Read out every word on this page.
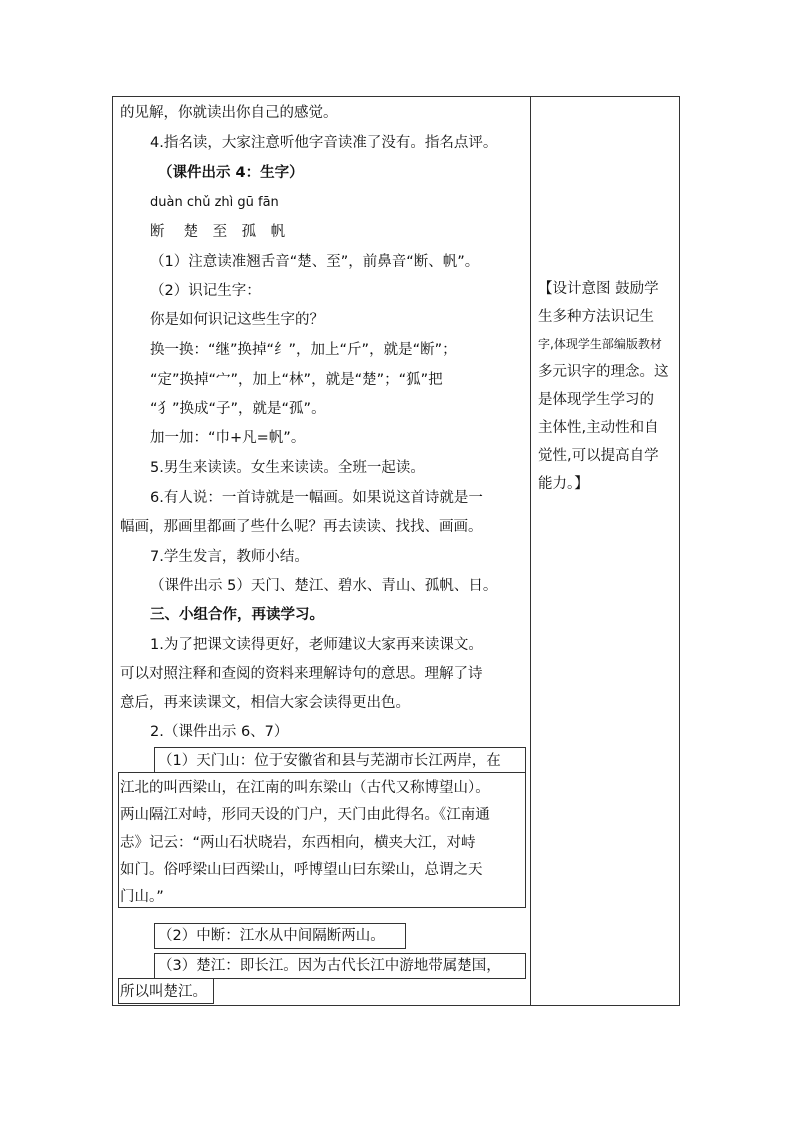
的见解，你就读出你自己的感觉。
4.指名读，大家注意听他字音读准了没有。指名点评。
（课件出示 4：生字）
duàn chǔ zhì gū fān
断　 楚　至　孤　帆
（1）注意读准翘舌音“楚、至”，前鼻音“断、帆”。
（2）识记生字：
你是如何识记这些生字的？
换一换：“继”换掉“纟”，加上“斤”，就是“断”；
“定”换掉“宀”，加上“林”，就是“楚”；“狐”把
“犭”换成“子”，就是“孤”。
加一加：“巾+凡=帆”。
5.男生来读读。女生来读读。全班一起读。
6.有人说：一首诗就是一幅画。如果说这首诗就是一
幅画，那画里都画了些什么呢？再去读读、找找、画画。
7.学生发言，教师小结。
（课件出示 5）天门、楚江、碧水、青山、孤帆、日。
三、小组合作，再读学习。
1.为了把课文读得更好，老师建议大家再来读课文。
可以对照注释和查阅的资料来理解诗句的意思。理解了诗
意后，再来读课文，相信大家会读得更出色。
2.（课件出示 6、7）
（1）天门山：位于安徽省和县与芜湖市长江两岸，在
江北的叫西梁山，在江南的叫东梁山（古代又称博望山）。
两山隔江对峙，形同天设的门户，天门由此得名。《江南通
志》记云：“两山石状晓岩，东西相向，横夹大江，对峙
如门。俗呼梁山曰西梁山，呼博望山曰东梁山，总谓之天
门山。”
（2）中断：江水从中间隔断两山。
（3）楚江：即长江。因为古代长江中游地带属楚国，
所以叫楚江。
【设计意图 鼓励学
生多种方法识记生
字,体现学生部编版教材
多元识字的理念。这
是体现学生学习的
主体性,主动性和自
觉性,可以提高自学
能力。】
